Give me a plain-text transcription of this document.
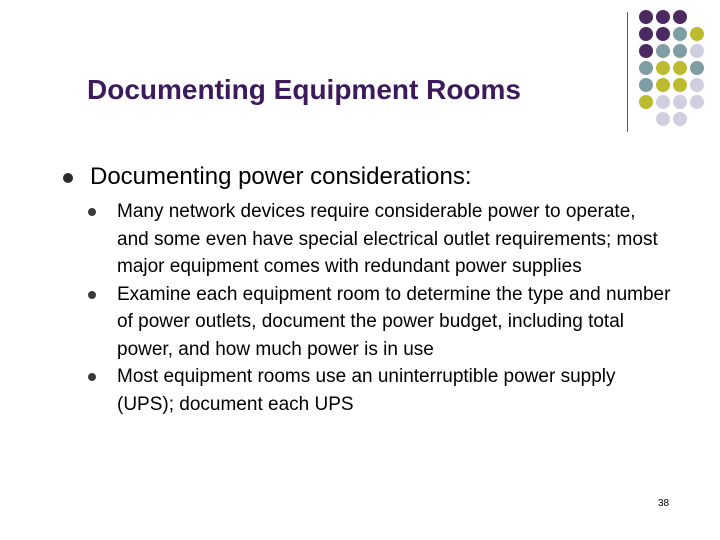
Documenting Equipment Rooms
Documenting power considerations:
Many network devices require considerable power to operate, and some even have special electrical outlet requirements; most major equipment comes with redundant power supplies
Examine each equipment room to determine the type and number of power outlets, document the power budget, including total power, and how much power is in use
Most equipment rooms use an uninterruptible power supply (UPS); document each UPS
38
